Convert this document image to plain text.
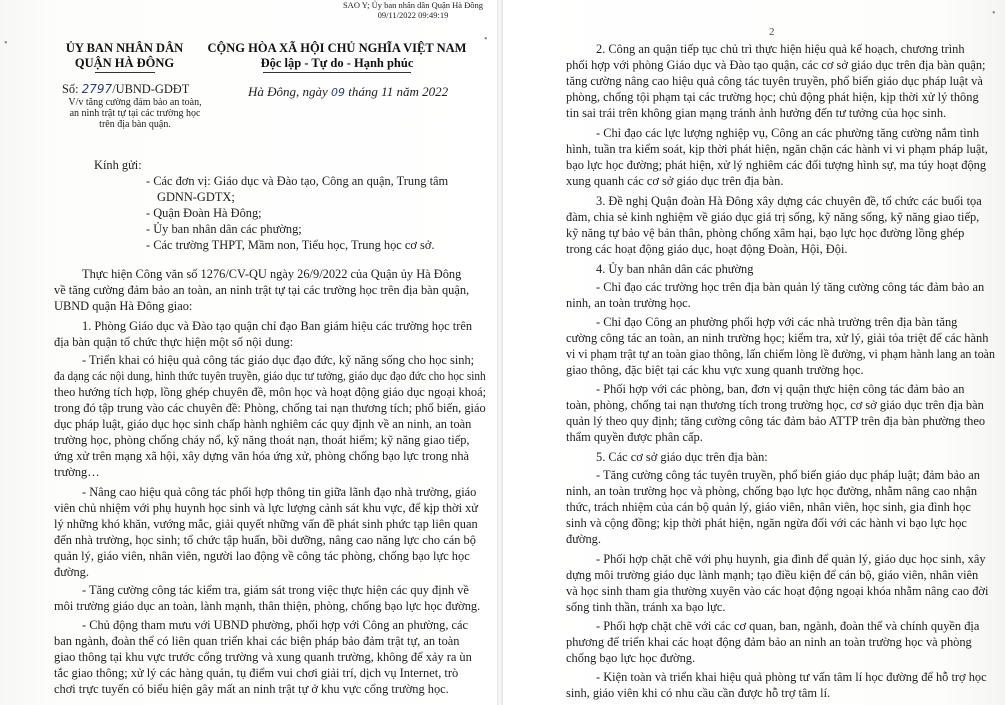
•	•
ỦY BAN NHÂN DÂN
QUẬN HÀ ĐÔNG
CỘNG HÒA XÃ HỘI CHỦ NGHĨA VIỆT NAM
Độc lập - Tự do - Hạnh phúc
Số: 2797/UBND-GDĐT
V/v tăng cường đảm bảo an toàn,
an ninh trật tự tại các trường học
trên địa bàn quận.
Hà Đông, ngày 09 tháng 11 năm 2022
Kính gửi:
- Các đơn vị: Giáo dục và Đào tạo, Công an quận, Trung tâm
GDNN-GDTX;
- Quận Đoàn Hà Đông;
- Ủy ban nhân dân các phường;
- Các trường THPT, Mầm non, Tiểu học, Trung học cơ sở.
Thực hiện Công văn số 1276/CV-QU ngày 26/9/2022 của Quận ủy Hà Đông
về tăng cường đảm bảo an toàn, an ninh trật tự tại các trường học trên địa bàn quận,
UBND quận Hà Đông giao:
1. Phòng Giáo dục và Đào tạo quận chỉ đạo Ban giám hiệu các trường học trên
địa bàn quận tổ chức thực hiện một số nội dung:
- Triển khai có hiệu quả công tác giáo dục đạo đức, kỹ năng sống cho học sinh;
đa dạng các nội dung, hình thức tuyên truyền, giáo dục tư tưởng, giáo dục đạo đức cho học sinh
theo hướng tích hợp, lồng ghép chuyên đề, môn học và hoạt động giáo dục ngoại khoá;
trong đó tập trung vào các chuyên đề: Phòng, chống tai nạn thương tích; phổ biến, giáo
dục pháp luật, giáo dục học sinh chấp hành nghiêm các quy định về an ninh, an toàn
trường học, phòng chống cháy nổ, kỹ năng thoát nạn, thoát hiểm; kỹ năng giao tiếp,
ứng xử trên mạng xã hội, xây dựng văn hóa ứng xử, phòng chống bạo lực trong nhà
trường…
- Nâng cao hiệu quả công tác phối hợp thông tin giữa lãnh đạo nhà trường, giáo
viên chủ nhiệm với phụ huynh học sinh và lực lượng cảnh sát khu vực, để kịp thời xử
lý những khó khăn, vướng mắc, giải quyết những vấn đề phát sinh phức tạp liên quan
đến nhà trường, học sinh; tổ chức tập huấn, bồi dưỡng, nâng cao năng lực cho cán bộ
quản lý, giáo viên, nhân viên, người lao động về công tác phòng, chống bạo lực học
đường.
- Tăng cường công tác kiểm tra, giám sát trong việc thực hiện các quy định về
môi trường giáo dục an toàn, lành mạnh, thân thiện, phòng, chống bạo lực học đường.
- Chủ động tham mưu với UBND phường, phối hợp với Công an phường, các
ban ngành, đoàn thể có liên quan triển khai các biện pháp bảo đảm trật tự, an toàn
giao thông tại khu vực trước cổng trường và xung quanh trường, không để xảy ra ùn
tắc giao thông; xử lý các hàng quán, tụ điểm vui chơi giải trí, dịch vụ Internet, trò
chơi trực tuyến có biểu hiện gây mất an ninh trật tự ở khu vực cổng trường học.
2
•
2. Công an quận tiếp tục chủ trì thực hiện hiệu quả kế hoạch, chương trình
phối hợp với phòng Giáo dục và Đào tạo quận, các cơ sở giáo dục trên địa bàn quận;
tăng cường nâng cao hiệu quả công tác tuyên truyền, phổ biến giáo dục pháp luật và
phòng, chống tội phạm tại các trường học; chủ động phát hiện, kịp thời xử lý thông
tin sai trái trên không gian mạng tránh ảnh hưởng đến tư tưởng của học sinh.
- Chỉ đạo các lực lượng nghiệp vụ, Công an các phường tăng cường nắm tình
hình, tuần tra kiểm soát, kịp thời phát hiện, ngăn chặn các hành vi vi phạm pháp luật,
bạo lực học đường; phát hiện, xử lý nghiêm các đối tượng hình sự, ma túy hoạt động
xung quanh các cơ sở giáo dục trên địa bàn.
3. Đề nghị Quận đoàn Hà Đông xây dựng các chuyên đề, tổ chức các buổi tọa
đàm, chia sẻ kinh nghiệm về giáo dục giá trị sống, kỹ năng sống, kỹ năng giao tiếp,
kỹ năng tự bảo vệ bản thân, phòng chống xâm hại, bạo lực học đường lồng ghép
trong các hoạt động giáo dục, hoạt động Đoàn, Hội, Đội.
4. Ủy ban nhân dân các phường
- Chỉ đạo các trường học trên địa bàn quản lý tăng cường công tác đảm bảo an
ninh, an toàn trường học.
- Chỉ đạo Công an phường phối hợp với các nhà trường trên địa bàn tăng
cường công tác an toàn, an ninh trường học; kiểm tra, xử lý, giải tỏa triệt để các hành
vi vi phạm trật tự an toàn giao thông, lấn chiếm lòng lề đường, vi phạm hành lang an toàn
giao thông, đặc biệt tại các khu vực xung quanh trường học.
- Phối hợp với các phòng, ban, đơn vị quận thực hiện công tác đảm bảo an
toàn, phòng, chống tai nạn thương tích trong trường học, cơ sở giáo dục trên địa bàn
quản lý theo quy định; tăng cường công tác đảm bảo ATTP trên địa bàn phường theo
thẩm quyền được phân cấp.
5. Các cơ sở giáo dục trên địa bàn:
- Tăng cường công tác tuyên truyền, phổ biến giáo dục pháp luật; đảm bảo an
ninh, an toàn trường học và phòng, chống bạo lực học đường, nhằm nâng cao nhận
thức, trách nhiệm của cán bộ quản lý, giáo viên, nhân viên, học sinh, gia đình học
sinh và cộng đồng; kịp thời phát hiện, ngăn ngừa đối với các hành vi bạo lực học
đường.
- Phối hợp chặt chẽ với phụ huynh, gia đình để quản lý, giáo dục học sinh, xây
dựng môi trường giáo dục lành mạnh; tạo điều kiện để cán bộ, giáo viên, nhân viên
và học sinh tham gia thường xuyên vào các hoạt động ngoại khóa nhằm nâng cao đời
sống tinh thần, tránh xa bạo lực.
- Phối hợp chặt chẽ với các cơ quan, ban, ngành, đoàn thể và chính quyền địa
phương để triển khai các hoạt động đảm bảo an ninh an toàn trường học và phòng
chống bạo lực học đường.
- Kiện toàn và triển khai hiệu quả phòng tư vấn tâm lí học đường để hỗ trợ học
sinh, giáo viên khi có nhu cầu cần được hỗ trợ tâm lí.
SAO Y; Ủy ban nhân dân Quận Hà Đông
09/11/2022 09:49:19
